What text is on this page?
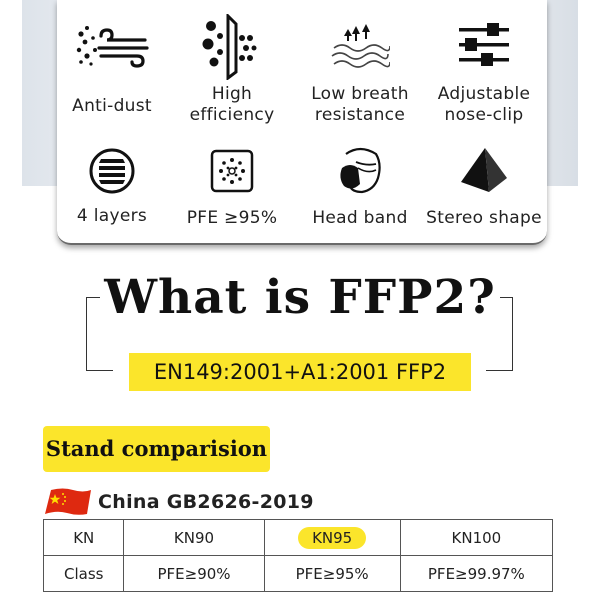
Anti-dust
High
efficiency
Low breath
resistance
Adjustable
nose-clip
4 layers	PFE ≥95%	Head band	Stereo shape
What is FFP2?
EN149:2001+A1:2001 FFP2
Stand comparision
China GB2626-2019
KN	KN90	KN95	KN100
Class	PFE≥90%	PFE≥95%	PFE≥99.97%
